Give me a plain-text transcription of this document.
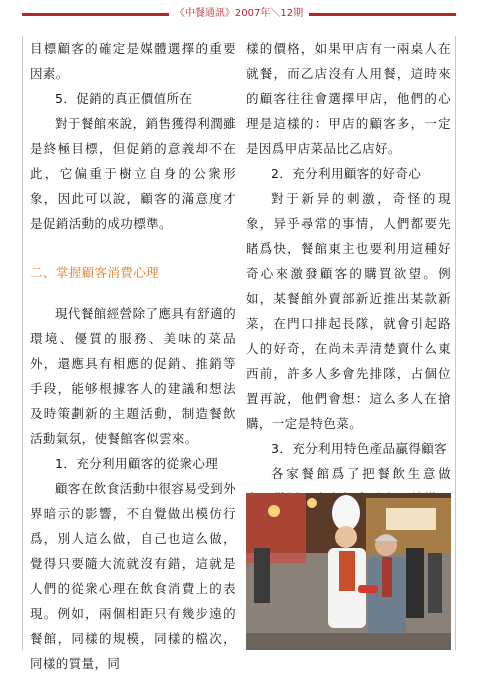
《中餐通訊》2007年＼12期

目標顧客的確定是媒體選擇的重要因素。

5．促銷的真正價值所在

對于餐館來說，銷售獲得利潤雖是終極目標，但促銷的意義却不在此，它偏重于樹立自身的公衆形象，因此可以說，顧客的滿意度才是促銷活動的成功標準。

二、掌握顧客消費心理

現代餐館經營除了應具有舒適的環境、優質的服務、美味的菜品外，還應具有相應的促銷、推銷等手段，能够根據客人的建議和想法及時策劃新的主題活動，制造餐飲活動氣氛，使餐館客似雲來。

1．充分利用顧客的從衆心理

顧客在飲食活動中很容易受到外界暗示的影響，不自覺做出模仿行爲，別人這么做，自己也這么做，覺得只要隨大流就沒有錯，這就是人們的從衆心理在飲食消費上的表現。例如，兩個相距只有幾步遠的餐館，同樣的規模，同樣的檔次，同樣的質量，同

樣的價格，如果甲店有一兩桌人在就餐，而乙店沒有人用餐，這時來的顧客往往會選擇甲店，他們的心理是這樣的：甲店的顧客多，一定是因爲甲店菜品比乙店好。

2．充分利用顧客的好奇心

對于新异的刺激，奇怪的現象，异乎尋常的事情，人們都要先睹爲快，餐館東主也要利用這種好奇心來激發顧客的購買欲望。例如，某餐館外賣部新近推出某款新菜，在門口排起長隊，就會引起路人的好奇，在尚未弄清楚賣什么東西前，許多人多會先排隊，占個位置再說，他們會想：這么多人在搶購，一定是特色菜。

3．充分利用特色產品贏得顧客

各家餐館爲了把餐飲生意做
